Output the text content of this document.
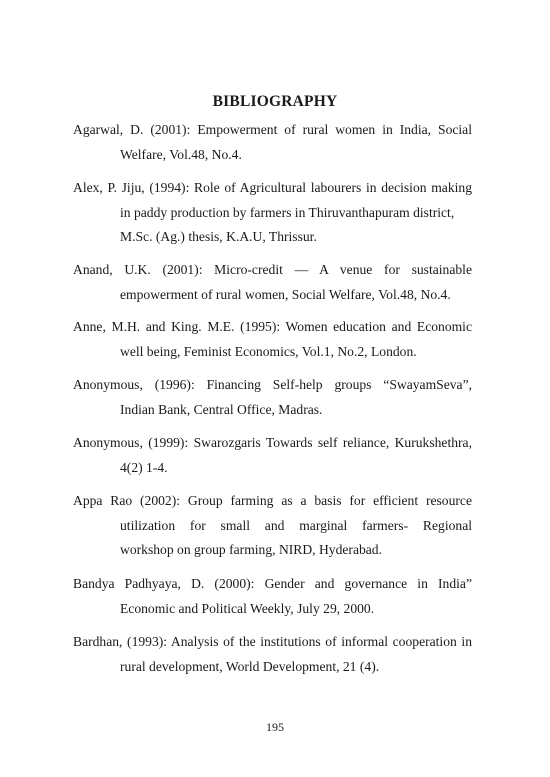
BIBLIOGRAPHY
Agarwal, D. (2001): Empowerment of rural women in India, Social
Welfare, Vol.48, No.4.
Alex, P. Jiju, (1994): Role of Agricultural labourers in decision making
in paddy production by farmers in Thiruvanthapuram district,
M.Sc. (Ag.) thesis, K.A.U, Thrissur.
Anand, U.K. (2001): Micro-credit — A venue for sustainable
empowerment of rural women, Social Welfare, Vol.48, No.4.
Anne, M.H. and King. M.E. (1995): Women education and Economic
well being, Feminist Economics, Vol.1, No.2, London.
Anonymous, (1996): Financing Self-help groups “SwayamSeva”,
Indian Bank, Central Office, Madras.
Anonymous, (1999): Swarozgaris Towards self reliance, Kurukshethra,
4(2) 1-4.
Appa Rao (2002): Group farming as a basis for efficient resource
utilization for small and marginal farmers- Regional
workshop on group farming, NIRD, Hyderabad.
Bandya Padhyaya, D. (2000): Gender and governance in India”
Economic and Political Weekly, July 29, 2000.
Bardhan, (1993): Analysis of the institutions of informal cooperation in
rural development, World Development, 21 (4).
195
